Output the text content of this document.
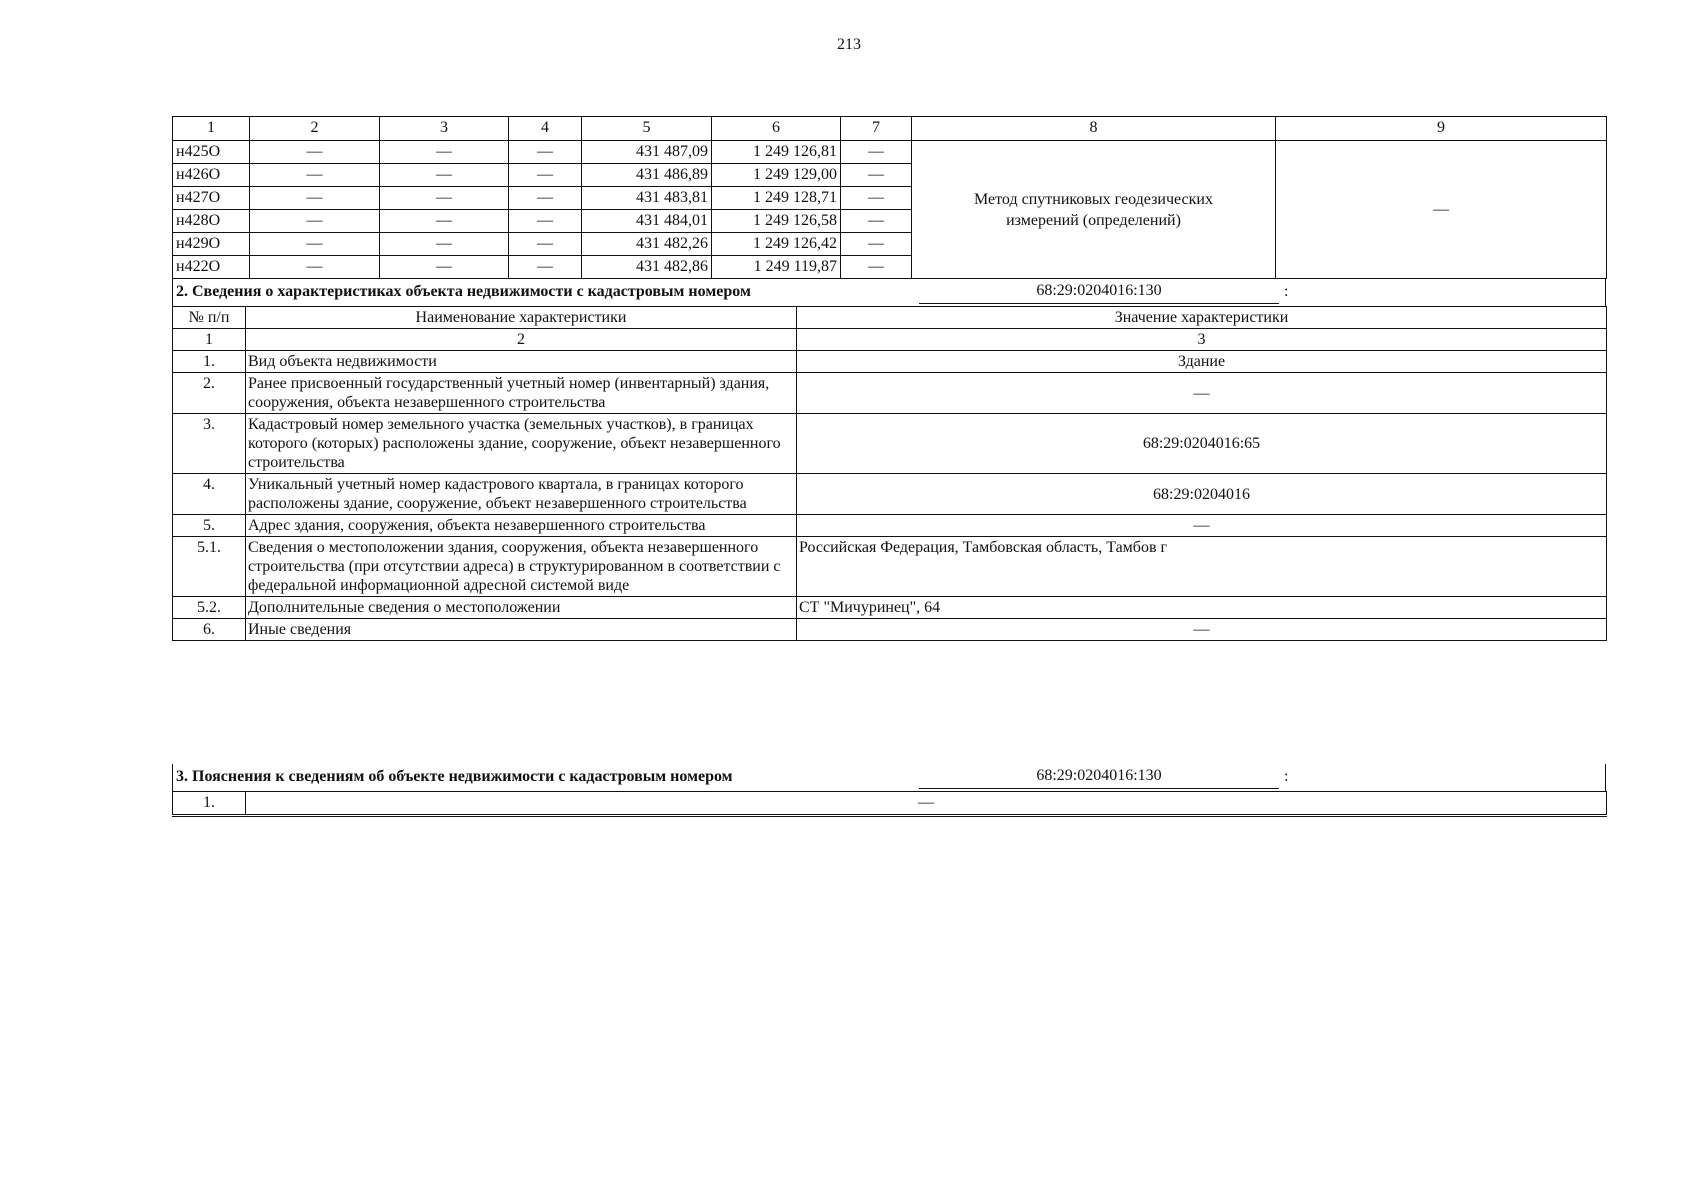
213
1	2	3	4	5	6	7	8	9
н425О	—	—	—	431 487,09	1 249 126,81	—	Метод спутниковых геодезических измерений (определений)	—
н426О	—	—	—	431 486,89	1 249 129,00	—		
н427О	—	—	—	431 483,81	1 249 128,71	—		
н428О	—	—	—	431 484,01	1 249 126,58	—		
н429О	—	—	—	431 482,26	1 249 126,42	—		
н422О	—	—	—	431 482,86	1 249 119,87	—		
2. Сведения о характеристиках объекта недвижимости с кадастровым номером	68:29:0204016:130	:
№ п/п	Наименование характеристики	Значение характеристики
1	2	3
1.	Вид объекта недвижимости	Здание
2.	Ранее присвоенный государственный учетный номер (инвентарный) здания, сооружения, объекта незавершенного строительства	—
3.	Кадастровый номер земельного участка (земельных участков), в границах которого (которых) расположены здание, сооружение, объект незавершенного строительства	68:29:0204016:65
4.	Уникальный учетный номер кадастрового квартала, в границах которого расположены здание, сооружение, объект незавершенного строительства	68:29:0204016
5.	Адрес здания, сооружения, объекта незавершенного строительства	—
5.1.	Сведения о местоположении здания, сооружения, объекта незавершенного строительства (при отсутствии адреса) в структурированном в соответствии с федеральной информационной адресной системой виде	Российская Федерация, Тамбовская область, Тамбов г
5.2.	Дополнительные сведения о местоположении	СТ "Мичуринец", 64
6.	Иные сведения	—
3. Пояснения к сведениям об объекте недвижимости с кадастровым номером	68:29:0204016:130	:
1.	—
